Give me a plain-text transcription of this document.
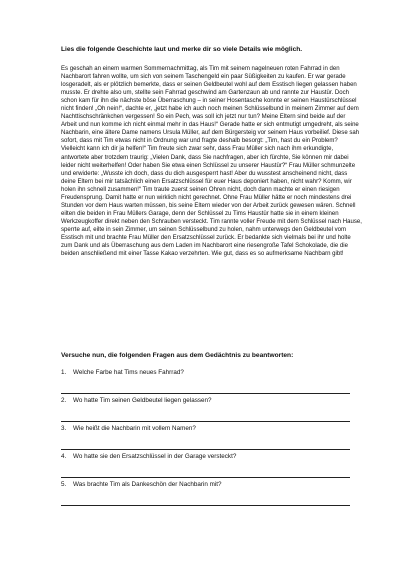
Lies die folgende Geschichte laut und merke dir so viele Details wie möglich.

Es geschah an einem warmen Sommernachmittag, als Tim mit seinem nagelneuen roten Fahrrad in den Nachbarort fahren wollte, um sich von seinem Taschengeld ein paar Süßigkeiten zu kaufen. Er war gerade losgeradelt, als er plötzlich bemerkte, dass er seinen Geldbeutel wohl auf dem Esstisch liegen gelassen haben musste. Er drehte also um, stellte sein Fahrrad geschwind am Gartenzaun ab und rannte zur Haustür. Doch schon kam für ihn die nächste böse Überraschung – in seiner Hosentasche konnte er seinen Haustürschlüssel nicht finden! „Oh nein!“, dachte er, „jetzt habe ich auch noch meinen Schlüsselbund in meinem Zimmer auf dem Nachttischschränkchen vergessen! So ein Pech, was soll ich jetzt nur tun? Meine Eltern sind beide auf der Arbeit und nun komme ich nicht einmal mehr in das Haus!“ Gerade hatte er sich entmutigt umgedreht, als seine Nachbarin, eine ältere Dame namens Ursula Müller, auf dem Bürgersteig vor seinem Haus vorbeilief. Diese sah sofort, dass mit Tim etwas nicht in Ordnung war und fragte deshalb besorgt: „Tim, hast du ein Problem? Vielleicht kann ich dir ja helfen!“ Tim freute sich zwar sehr, dass Frau Müller sich nach ihm erkundigte, antwortete aber trotzdem traurig: „Vielen Dank, dass Sie nachfragen, aber ich fürchte, Sie können mir dabei leider nicht weiterhelfen! Oder haben Sie etwa einen Schlüssel zu unserer Haustür?“ Frau Müller schmunzelte und erwiderte: „Wusste ich doch, dass du dich ausgesperrt hast! Aber du wusstest anscheinend nicht, dass deine Eltern bei mir tatsächlich einen Ersatzschlüssel für euer Haus deponiert haben, nicht wahr? Komm, wir holen ihn schnell zusammen!“ Tim traute zuerst seinen Ohren nicht, doch dann machte er einen riesigen Freudensprung. Damit hatte er nun wirklich nicht gerechnet. Ohne Frau Müller hätte er noch mindestens drei Stunden vor dem Haus warten müssen, bis seine Eltern wieder von der Arbeit zurück gewesen wären. Schnell eilten die beiden in Frau Müllers Garage, denn der Schlüssel zu Tims Haustür hatte sie in einem kleinen Werkzeugkoffer direkt neben den Schrauben versteckt. Tim rannte voller Freude mit dem Schlüssel nach Hause, sperrte auf, eilte in sein Zimmer, um seinen Schlüsselbund zu holen, nahm unterwegs den Geldbeutel vom Esstisch mit und brachte Frau Müller den Ersatzschlüssel zurück. Er bedankte sich vielmals bei ihr und holte zum Dank und als Überraschung aus dem Laden im Nachbarort eine riesengroße Tafel Schokolade, die die beiden anschließend mit einer Tasse Kakao verzehrten. Wie gut, dass es so aufmerksame Nachbarn gibt!

Versuche nun, die folgenden Fragen aus dem Gedächtnis zu beantworten:

1.	Welche Farbe hat Tims neues Fahrrad?
2.	Wo hatte Tim seinen Geldbeutel liegen gelassen?
3.	Wie heißt die Nachbarin mit vollem Namen?
4.	Wo hatte sie den Ersatzschlüssel in der Garage versteckt?
5.	Was brachte Tim als Dankeschön der Nachbarin mit?
